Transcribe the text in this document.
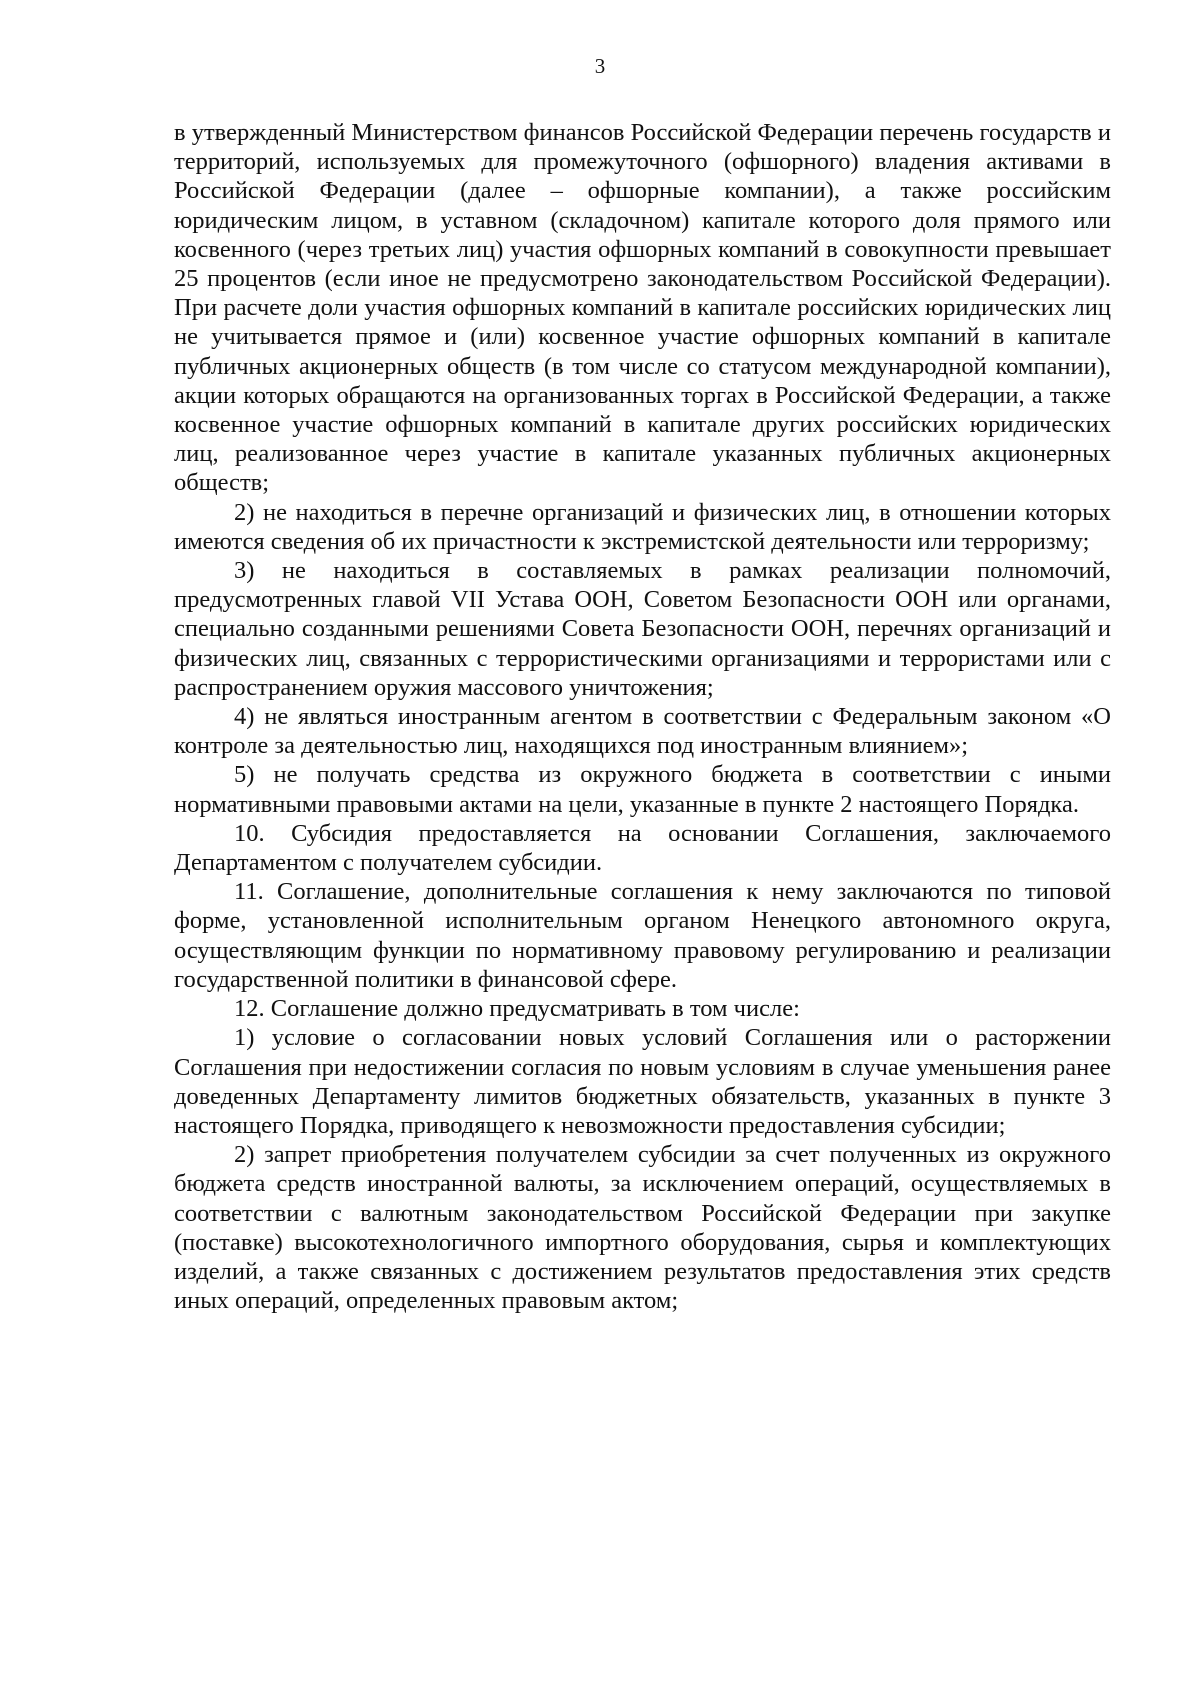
3

в утвержденный Министерством финансов Российской Федерации перечень государств и территорий, используемых для промежуточного (офшорного) владения активами в Российской Федерации (далее – офшорные компании), а также российским юридическим лицом, в уставном (складочном) капитале которого доля прямого или косвенного (через третьих лиц) участия офшорных компаний в совокупности превышает 25 процентов (если иное не предусмотрено законодательством Российской Федерации). При расчете доли участия офшорных компаний в капитале российских юридических лиц не учитывается прямое и (или) косвенное участие офшорных компаний в капитале публичных акционерных обществ (в том числе со статусом международной компании), акции которых обращаются на организованных торгах в Российской Федерации, а также косвенное участие офшорных компаний в капитале других российских юридических лиц, реализованное через участие в капитале указанных публичных акционерных обществ;

2) не находиться в перечне организаций и физических лиц, в отношении которых имеются сведения об их причастности к экстремистской деятельности или терроризму;

3) не находиться в составляемых в рамках реализации полномочий, предусмотренных главой VII Устава ООН, Советом Безопасности ООН или органами, специально созданными решениями Совета Безопасности ООН, перечнях организаций и физических лиц, связанных с террористическими организациями и террористами или с распространением оружия массового уничтожения;

4) не являться иностранным агентом в соответствии с Федеральным законом «О контроле за деятельностью лиц, находящихся под иностранным влиянием»;

5) не получать средства из окружного бюджета в соответствии с иными нормативными правовыми актами на цели, указанные в пункте 2 настоящего Порядка.

10. Субсидия предоставляется на основании Соглашения, заключаемого Департаментом с получателем субсидии.

11. Соглашение, дополнительные соглашения к нему заключаются по типовой форме, установленной исполнительным органом Ненецкого автономного округа, осуществляющим функции по нормативному правовому регулированию и реализации государственной политики в финансовой сфере.

12. Соглашение должно предусматривать в том числе:

1) условие о согласовании новых условий Соглашения или о расторжении Соглашения при недостижении согласия по новым условиям в случае уменьшения ранее доведенных Департаменту лимитов бюджетных обязательств, указанных в пункте 3 настоящего Порядка, приводящего к невозможности предоставления субсидии;

2) запрет приобретения получателем субсидии за счет полученных из окружного бюджета средств иностранной валюты, за исключением операций, осуществляемых в соответствии с валютным законодательством Российской Федерации при закупке (поставке) высокотехнологичного импортного оборудования, сырья и комплектующих изделий, а также связанных с достижением результатов предоставления этих средств иных операций, определенных правовым актом;
